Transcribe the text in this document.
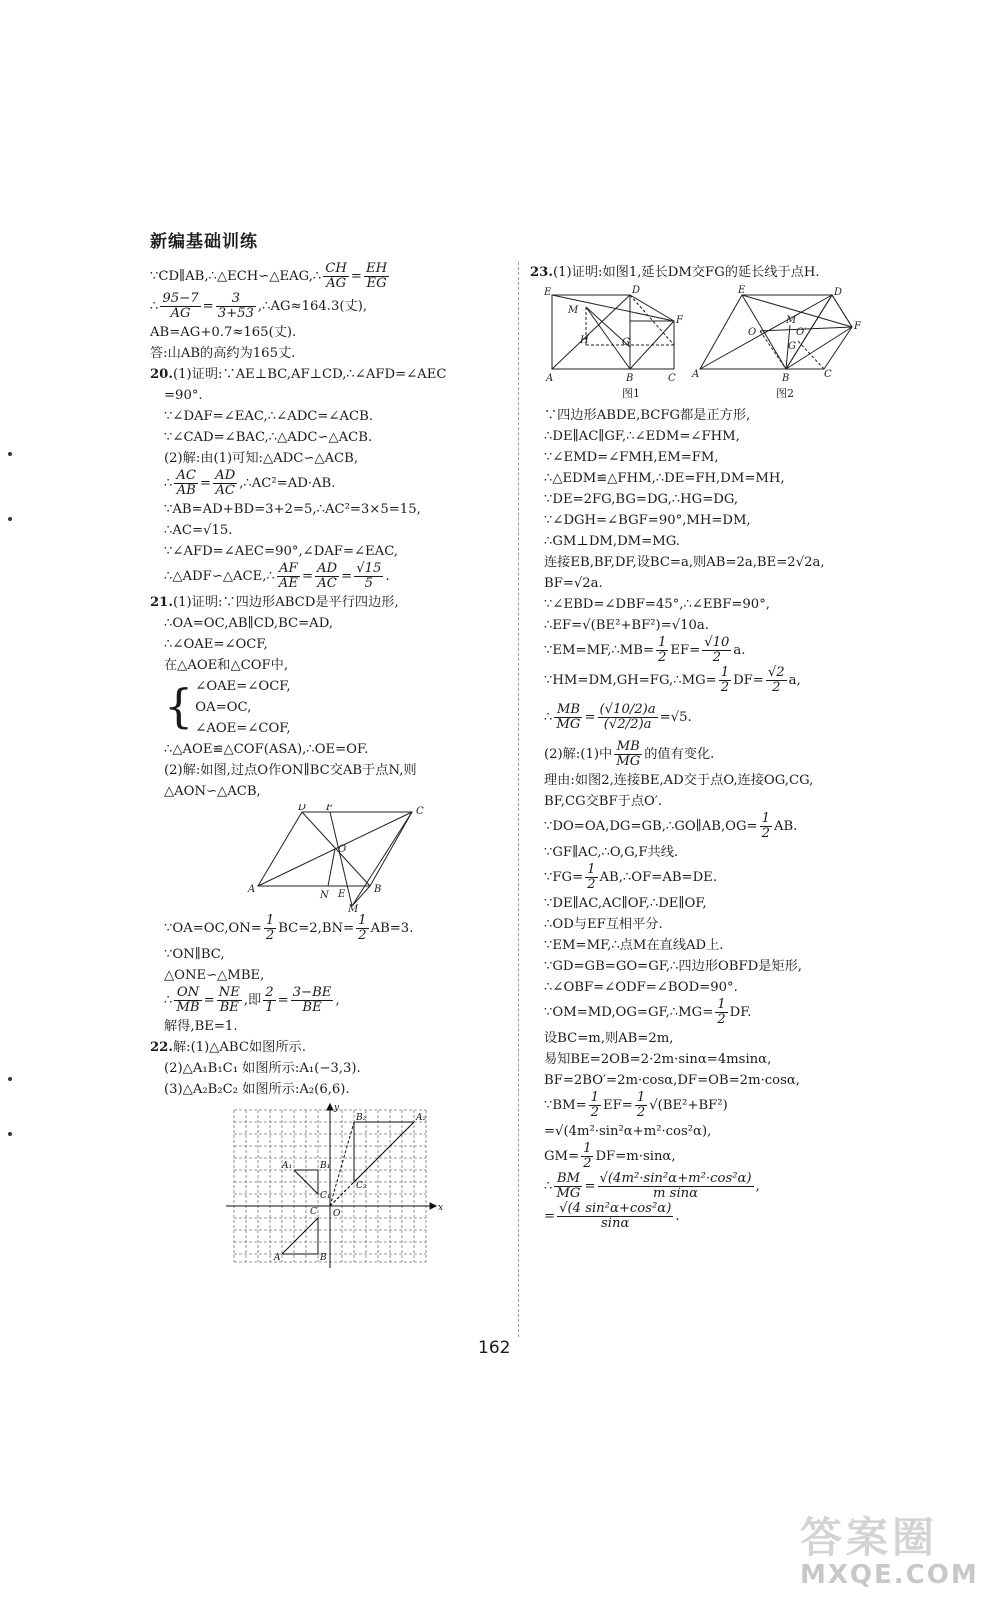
新编基础训练
∵CD∥AB,∴△ECH∽△EAG,∴ $\frac{CH}{AG} = \frac{EH}{EG}$
∴ $\frac{95-7}{AG} = \frac{3}{3+53}$ ,∴AG≈164.3(丈),
AB=AG+0.7≈165(丈).
答:山AB的高约为165丈.
20.(1)证明:∵AE⊥BC,AF⊥CD,∴∠AFD=∠AEC
=90°.
∵∠DAF=∠EAC,∴∠ADC=∠ACB.
∵∠CAD=∠BAC,∴△ADC∽△ACB.
(2)解:由(1)可知:△ADC∽△ACB,
∴ $\frac{AC}{AB} = \frac{AD}{AC}$ ,∴AC²=AD·AB.
∵AB=AD+BD=3+2=5,∴AC²=3×5=15,
∴AC=√15.
∵∠AFD=∠AEC=90°,∠DAF=∠EAC,
∴△ADF∽△ACE,∴ $\frac{AF}{AE} = \frac{AD}{AC} = \frac{√15}{5}$ .
21.(1)证明:∵四边形ABCD是平行四边形,
∴OA=OC,AB∥CD,BC=AD,
∴∠OAE=∠OCF,
在△AOE和△COF中,
{ ∠OAE=∠OCF,
OA=OC,
∠AOE=∠COF,
∴△AOE≌△COF(ASA),∴OE=OF.
(2)解:如图,过点O作ON∥BC交AB于点N,则
△AON∽△ACB,
D F	C
O
A
N E	B
M
∵OA=OC,ON= $\frac{1}{2} BC=2,BN= \frac{1}{2} AB=3$.
∵ON∥BC,
△ONE∽△MBE,
∴ $\frac{ON}{MB} = \frac{NE}{BE}$ ,即 $\frac{2}{1} = \frac{3-BE}{BE}$ ,
解得,BE=1.
22.解:(1)△ABC如图所示.
(2)△A₁B₁C₁ 如图所示:A₁(−3,3).
(3)△A₂B₂C₂ 如图所示:A₂(6,6).
x
y
O
A₁	B₁
C₁
A	B
C
B₂	A₂
C₂
23.(1)证明:如图1,延长DM交FG的延长线于点H.
E	D
M
F
H	G
A	B	C
E	D
O
M
O′
F
G
A	B	C
图1	图2
∵四边形ABDE,BCFG都是正方形,
∴DE∥AC∥GF,∴∠EDM=∠FHM,
∵∠EMD=∠FMH,EM=FM,
∴△EDM≌△FHM,∴DE=FH,DM=MH,
∵DE=2FG,BG=DG,∴HG=DG,
∵∠DGH=∠BGF=90°,MH=DM,
∴GM⊥DM,DM=MG.
连接EB,BF,DF,设BC=a,则AB=2a,BE=2√2a,
BF=√2a.
∵∠EBD=∠DBF=45°,∴∠EBF=90°,
∴EF=√(BE²+BF²)=√10a.
∵EM=MF,∴MB= $\frac{1}{2} EF= \frac{√10}{2} a$.
∵HM=DM,GH=FG,∴MG= $\frac{1}{2} DF= \frac{√2}{2} a$,
∴ $\frac{MB}{MG} = \frac{(√10/2)a}{(√2/2)a} =√5$.
(2)解:(1)中 $\frac{MB}{MG}$ 的值有变化.
理由:如图2,连接BE,AD交于点O,连接OG,CG,
BF,CG交BF于点O′.
∵DO=OA,DG=GB,∴GO∥AB,OG= $\frac{1}{2}$ AB.
∵GF∥AC,∴O,G,F共线.
∵FG= $\frac{1}{2}$ AB,∴OF=AB=DE.
∵DE∥AC,AC∥OF,∴DE∥OF,
∴OD与EF互相平分.
∵EM=MF,∴点M在直线AD上.
∵GD=GB=GO=GF,∴四边形OBFD是矩形,
∴∠OBF=∠ODF=∠BOD=90°.
∵OM=MD,OG=GF,∴MG= $\frac{1}{2}$ DF.
设BC=m,则AB=2m,
易知BE=2OB=2·2m·sinα=4msinα,
BF=2BO′=2m·cosα,DF=OB=2m·cosα,
∵BM= $\frac{1}{2} EF= \frac{1}{2} √(BE^2+BF^2)$
=√(4m²·sin²α+m²·cos²α),
$GM= \frac{1}{2} DF=m\cdot\sin\alpha$,
∴ $\frac{BM}{MG} = \frac{\text{√(4m²·sin²α+m²·cos²α)}}{\text{m sinα}}$ ,
= $\frac{\text{√(4 sin²α+cos²α)}}{\sin\alpha}$ .
162
答案圈
MXQE.COM
